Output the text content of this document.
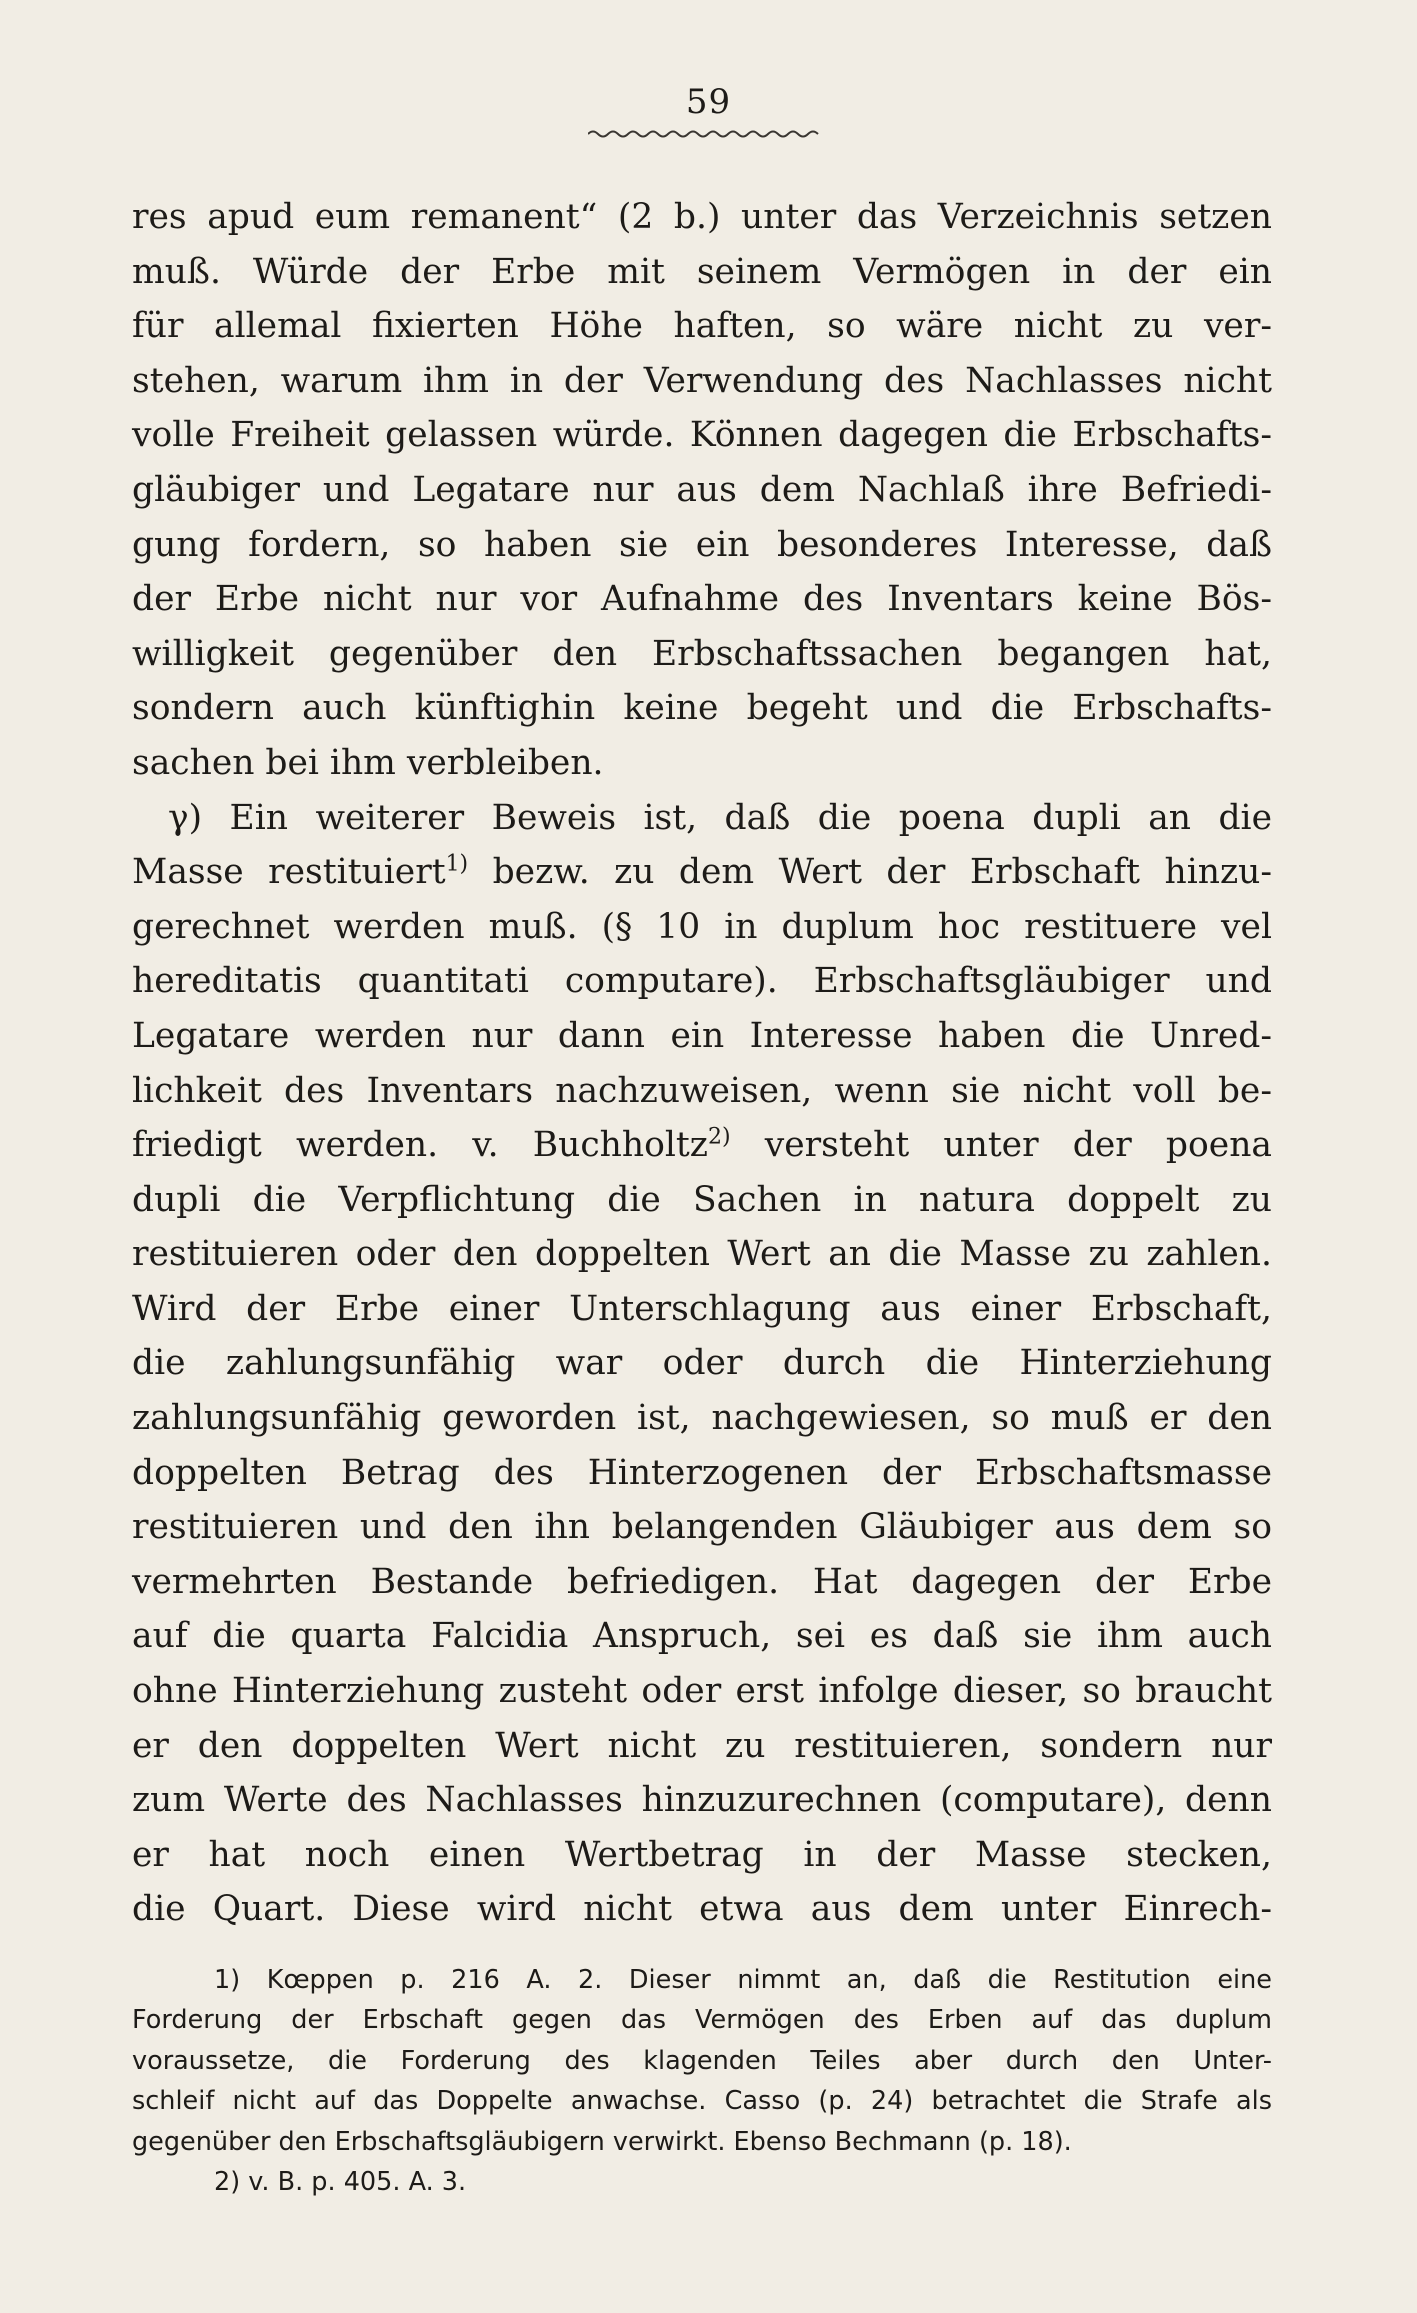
59
res apud eum remanent“ (2 b.) unter das Verzeichnis setzen
muß. Würde der Erbe mit seinem Vermögen in der ein
für allemal fixierten Höhe haften, so wäre nicht zu ver-
stehen, warum ihm in der Verwendung des Nachlasses nicht
volle Freiheit gelassen würde. Können dagegen die Erbschafts-
gläubiger und Legatare nur aus dem Nachlaß ihre Befriedi-
gung fordern, so haben sie ein besonderes Interesse, daß
der Erbe nicht nur vor Aufnahme des Inventars keine Bös-
willigkeit gegenüber den Erbschaftssachen begangen hat,
sondern auch künftighin keine begeht und die Erbschafts-
sachen bei ihm verbleiben.
γ) Ein weiterer Beweis ist, daß die poena dupli an die
Masse restituiert$^{1)}$ bezw. zu dem Wert der Erbschaft hinzu-
gerechnet werden muß. (§ 10 in duplum hoc restituere vel
hereditatis quantitati computare). Erbschaftsgläubiger und
Legatare werden nur dann ein Interesse haben die Unred-
lichkeit des Inventars nachzuweisen, wenn sie nicht voll be-
friedigt werden. v. Buchholtz$^{2)}$ versteht unter der poena
dupli die Verpflichtung die Sachen in natura doppelt zu
restituieren oder den doppelten Wert an die Masse zu zahlen.
Wird der Erbe einer Unterschlagung aus einer Erbschaft,
die zahlungsunfähig war oder durch die Hinterziehung
zahlungsunfähig geworden ist, nachgewiesen, so muß er den
doppelten Betrag des Hinterzogenen der Erbschaftsmasse
restituieren und den ihn belangenden Gläubiger aus dem so
vermehrten Bestande befriedigen. Hat dagegen der Erbe
auf die quarta Falcidia Anspruch, sei es daß sie ihm auch
ohne Hinterziehung zusteht oder erst infolge dieser, so braucht
er den doppelten Wert nicht zu restituieren, sondern nur
zum Werte des Nachlasses hinzuzurechnen (computare), denn
er hat noch einen Wertbetrag in der Masse stecken,
die Quart. Diese wird nicht etwa aus dem unter Einrech-
1) Kœppen p. 216 A. 2. Dieser nimmt an, daß die Restitution eine
Forderung der Erbschaft gegen das Vermögen des Erben auf das duplum
voraussetze, die Forderung des klagenden Teiles aber durch den Unter-
schleif nicht auf das Doppelte anwachse. Casso (p. 24) betrachtet die Strafe als
gegenüber den Erbschaftsgläubigern verwirkt. Ebenso Bechmann (p. 18).
2) v. B. p. 405. A. 3.
